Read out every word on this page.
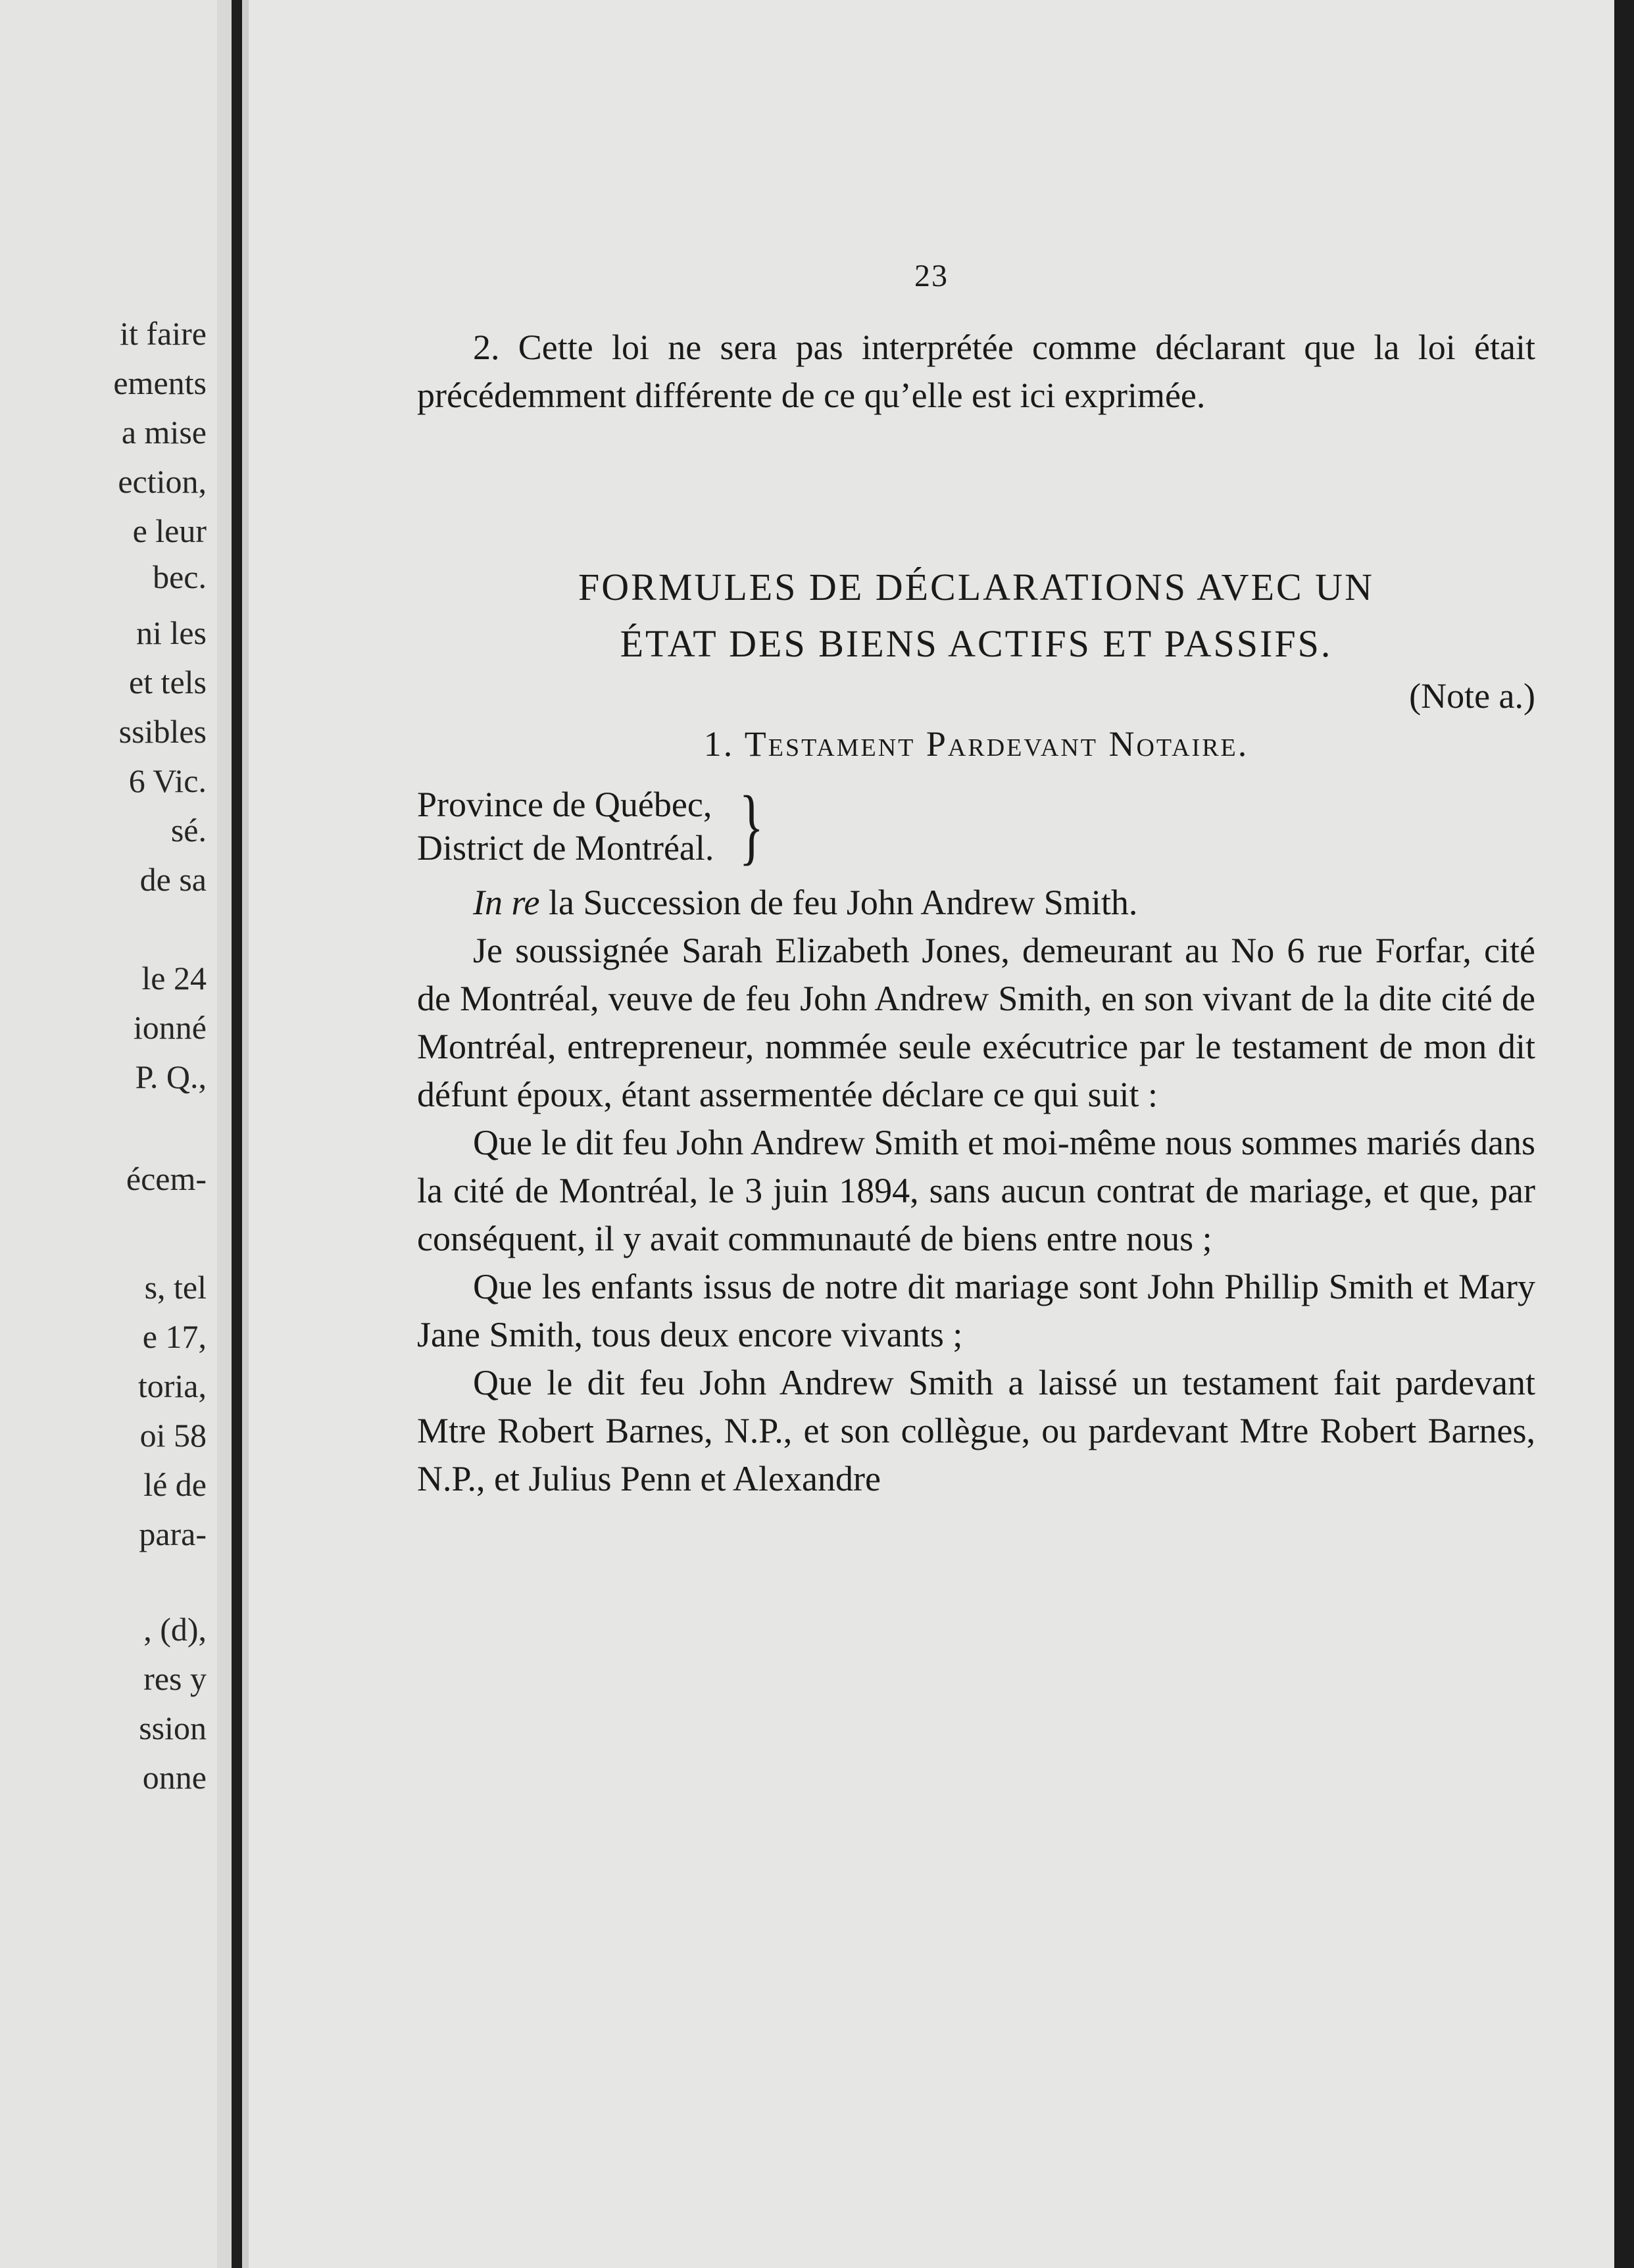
it faire
ements
a mise
ection,
e leur
bec.
ni les
et tels
ssibles
6 Vic.
sé.
de sa
le 24
ionné
P. Q.,
écem-
s, tel
e 17,
toria,
oi 58
lé de
para-
, (d),
res y
ssion
onne
23

2. Cette loi ne sera pas interprétée comme déclarant que la loi était précédemment différente de ce qu’elle est ici exprimée.

FORMULES DE DÉCLARATIONS AVEC UN

ÉTAT DES BIENS ACTIFS ET PASSIFS.

(Note a.)

1. Testament Pardevant Notaire.

Province de Québec,
District de Montréal. }

In re la Succession de feu John Andrew Smith.

Je soussignée Sarah Elizabeth Jones, demeurant au No 6 rue Forfar, cité de Montréal, veuve de feu John Andrew Smith, en son vivant de la dite cité de Montréal, entrepreneur, nommée seule exécutrice par le testament de mon dit défunt époux, étant assermentée déclare ce qui suit :

Que le dit feu John Andrew Smith et moi-même nous sommes mariés dans la cité de Montréal, le 3 juin 1894, sans aucun contrat de mariage, et que, par conséquent, il y avait communauté de biens entre nous ;

Que les enfants issus de notre dit mariage sont John Phillip Smith et Mary Jane Smith, tous deux encore vivants ;

Que le dit feu John Andrew Smith a laissé un testament fait pardevant Mtre Robert Barnes, N.P., et son collègue, ou pardevant Mtre Robert Barnes, N.P., et Julius Penn et Alexandre
